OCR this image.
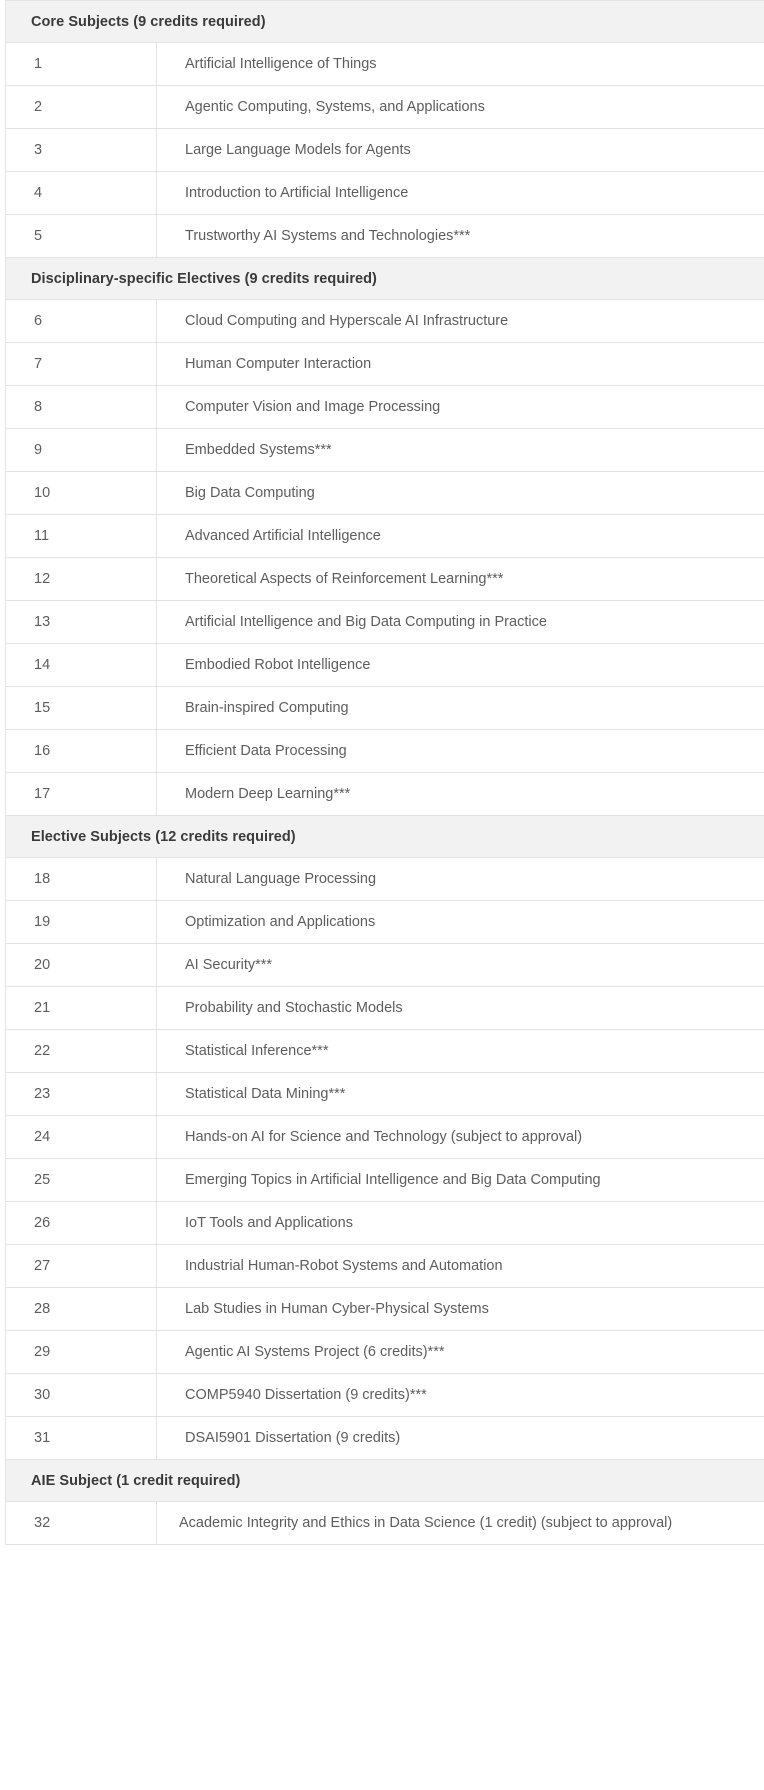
Core Subjects (9 credits required)	
1	Artificial Intelligence of Things
2	Agentic Computing, Systems, and Applications
3	Large Language Models for Agents
4	Introduction to Artificial Intelligence
5	Trustworthy AI Systems and Technologies***
Disciplinary-specific Electives (9 credits required)	
6	Cloud Computing and Hyperscale AI Infrastructure
7	Human Computer Interaction
8	Computer Vision and Image Processing
9	Embedded Systems***
10	Big Data Computing
11	Advanced Artificial Intelligence
12	Theoretical Aspects of Reinforcement Learning***
13	Artificial Intelligence and Big Data Computing in Practice
14	Embodied Robot Intelligence
15	Brain-inspired Computing
16	Efficient Data Processing
17	Modern Deep Learning***
Elective Subjects (12 credits required)	
18	Natural Language Processing
19	Optimization and Applications
20	AI Security***
21	Probability and Stochastic Models
22	Statistical Inference***
23	Statistical Data Mining***
24	Hands-on AI for Science and Technology (subject to approval)
25	Emerging Topics in Artificial Intelligence and Big Data Computing
26	IoT Tools and Applications
27	Industrial Human-Robot Systems and Automation
28	Lab Studies in Human Cyber-Physical Systems
29	Agentic AI Systems Project (6 credits)***
30	COMP5940 Dissertation (9 credits)***
31	DSAI5901 Dissertation (9 credits)
AIE Subject (1 credit required)	
32	Academic Integrity and Ethics in Data Science (1 credit) (subject to approval)
